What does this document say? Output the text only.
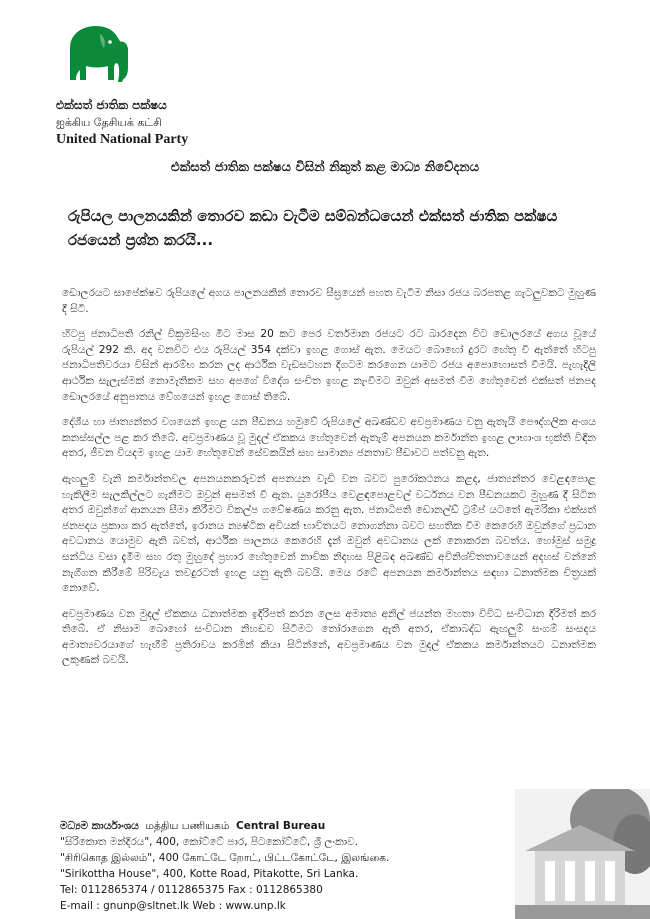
එක්සත් ජාතික පක්ෂය
ஐக்கிய தேசியக் கட்சி
United National Party
එක්සත් ජාතික පක්ෂය විසින් නිකුත් කළ මාධ්‍ය නිවේදනය
රුපියල පාලනයකින් තොරව කඩා වැටීම සම්බන්ධයෙන් එක්සත් ජාතික පක්ෂය රජයෙන් ප්‍රශ්න කරයි...

ඩොලරයට සාපේක්ෂව රුපියලේ අගය පාලනයකින් තොරව සීඝ්‍රයෙන් පහත වැටීම නිසා රජය බරපතළ ගැටලුවකට මුහුණ දී සිටී.

හිටපු ජනාධිපති රනිල් වික්‍රමසිංහ මීට මාස 20 කට පෙර වර්තමාන රජයට රට බාරදෙන විට ඩොලරයේ අගය වූයේ රුපියල් 292 කි. අද වනවිට එය රුපියල් 354 දක්වා ඉහළ ගොස් ඇත. මෙයට බොහෝ දුරට හේතු වී ඇත්තේ හිටපු ජනාධිපතිවරයා විසින් ආරම්භ කරන ලද ආර්ථික වැඩසටහන දිගටම කරගෙන යාමට රජය අපොහොසත් වීමයි. පැහැදිලි ආර්ථික සැලැස්මක් නොමැතිකම සහ අපගේ විදේශ සංචිත ඉහළ නැංවීමට ඔවුන් අසමත් වීම හේතුවෙන් එක්සත් ජනපද ඩොලරයේ අනුපාතය වේගයෙන් ඉහළ ගොස් තිබේ.

දේශීය හා ජාත්‍යන්තර වශයෙන් ඉහළ යන පීඩනය හමුවේ රුපියලේ අඛණ්ඩව අවප්‍රමාණය වනු ඇතැයි පෞද්ගලික අංශය කනස්සල්ල පළ කර තිබේ. අවප්‍රමාණය වූ මුදල් ඒකකය හේතුවෙන් ඇතැම් අපනයන කර්මාන්ත ඉහළ ලාභාංශ භුක්ති විඳින අතර, ජීවන වියදම ඉහළ යාම හේතුවෙන් සේවකයින් සහ සාමාන්‍ය ජනතාව පීඩාවට පත්වනු ඇත.

ඇඟලුම් වැනි කර්මාන්තවල අපනයනකරුවන් අපනයන වැඩි වන බවට පුරෝකථනය කළද, ජාත්‍යන්තර වෙළඳපොළ හැකිලීම සැලකිල්ලට ගැනීමට ඔවුන් අසමත් වී ඇත. යුරෝපීය වෙළඳපොළවල් වර්ධනය වන පීඩනයකට මුහුණ දී සිටින අතර ඔවුන්ගේ ආනයන සීමා කිරීමට විකල්ප ගවේෂණය කරනු ඇත. ජනාධිපති ඩොනල්ඩ් ට්‍රම්ප් යටතේ ඇමරිකා එක්සත් ජනපදය ප්‍රකාශ කර ඇත්තේ, ඉරානය න්‍යෂ්ටික අවියක් භාවිතයට නොගන්නා බවට සහතික වීම කෙරෙහි ඔවුන්ගේ ප්‍රධාන අවධානය යොමුව ඇති බවත්, ආර්ථික පාලනය කෙරෙහි දැන් ඔවුන් අවධානය ලක් නොකරන බවත්ය. හෝමුස් සමුද්‍ර සන්ධිය වසා දැමීම සහ රතු මුහුදේ ප්‍රහාර හේතුවෙන් නාවික නිදහස පිළිබඳ අඛණ්ඩ අවිනිශ්චිතතාවයෙන් අදහස් වන්නේ නැගීගත කිරීමේ පිරිවැය තවදුරටත් ඉහළ යනු ඇති බවයි. මෙය රටේ අපනයන කර්මාන්තය සඳහා ධනාත්මක චිත්‍රයක් නොවේ.

අවප්‍රමාණය වන මුදල් ඒකකය ධනාත්මක ඉදිරිපත් කරන ලෙස අමාත්‍ය අනිල් ජයන්ත මහතා විවිධ සංවිධාන දිරිමත් කර තිබේ. ඒ නිසාම බොහෝ සංවිධාන නිහඬව සිටීමට තෝරාගෙන ඇති අතර, ඒකාබද්ධ ඇඟලුම් සංගම් සංසදය අමාත්‍යවරයාගේ හැඟීම් ප්‍රතිරාවය කරමින් කියා සිටින්නේ, අවප්‍රමාණය වන මුදල් ඒකකය කර්මාන්තයට ධනාත්මක ලකුණක් බවයි.

මධ්‍යම කාර්යාංශය மத்திய பணியகம் Central Bureau
"සිරිකොත මන්දිරය", 400, කෝට්ටේ පාර, පිටකෝට්ටේ, ශ්‍රී ලංකාව.
"சிரிகொத இல்லம்", 400 கோட்டே றோட், பிட்டகோட்டே, இலங்கை.
"Sirikottha House", 400, Kotte Road, Pitakotte, Sri Lanka.
Tel: 0112865374 / 0112865375 Fax : 0112865380
E-mail : gnunp@sltnet.lk Web : www.unp.lk
